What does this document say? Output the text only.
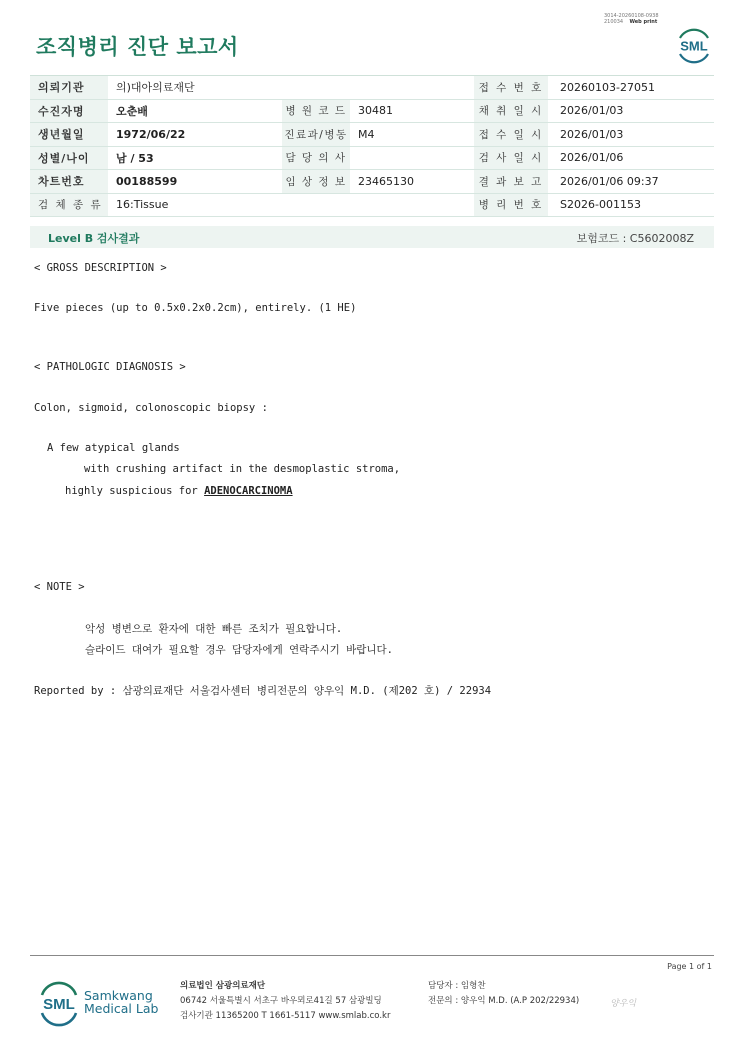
조직병리 진단 보고서
3014-20260108-0938
210034 Web print
SML
의뢰기관	의)대아의료재단			접 수 번 호	20260103-27051
수진자명	오춘배	병 원 코 드	30481	채 취 일 시	2026/01/03
생년월일	1972/06/22	진료과/병동	M4	접 수 일 시	2026/01/03
성별/나이	남 / 53	담 당 의 사		검 사 일 시	2026/01/06
차트번호	00188599	임 상 정 보	23465130	결 과 보 고	2026/01/06 09:37
검 체 종 류	16:Tissue			병 리 번 호	S2026-001153
Level B 검사결과	보험코드 : C5602008Z
< GROSS DESCRIPTION >
Five pieces (up to 0.5x0.2x0.2cm), entirely. (1 HE)
< PATHOLOGIC DIAGNOSIS >
Colon, sigmoid, colonoscopic biopsy :
A few atypical glands
with crushing artifact in the desmoplastic stroma,
highly suspicious for ADENOCARCINOMA
< NOTE >
악성 병변으로 환자에 대한 빠른 조치가 필요합니다.
슬라이드 대여가 필요할 경우 담당자에게 연락주시기 바랍니다.
Reported by : 삼광의료재단 서울검사센터 병리전문의 양우익 M.D. (제202 호) / 22934
Page 1 of 1
SML
Samkwang
Medical Lab
의료법인 삼광의료재단
06742 서울특별시 서초구 바우뫼로41길 57 삼광빌딩
검사기관 11365200 T 1661-5117 www.smlab.co.kr
담당자 : 임형찬
전문의 : 양우익 M.D. (A.P 202/22934)	양우익
